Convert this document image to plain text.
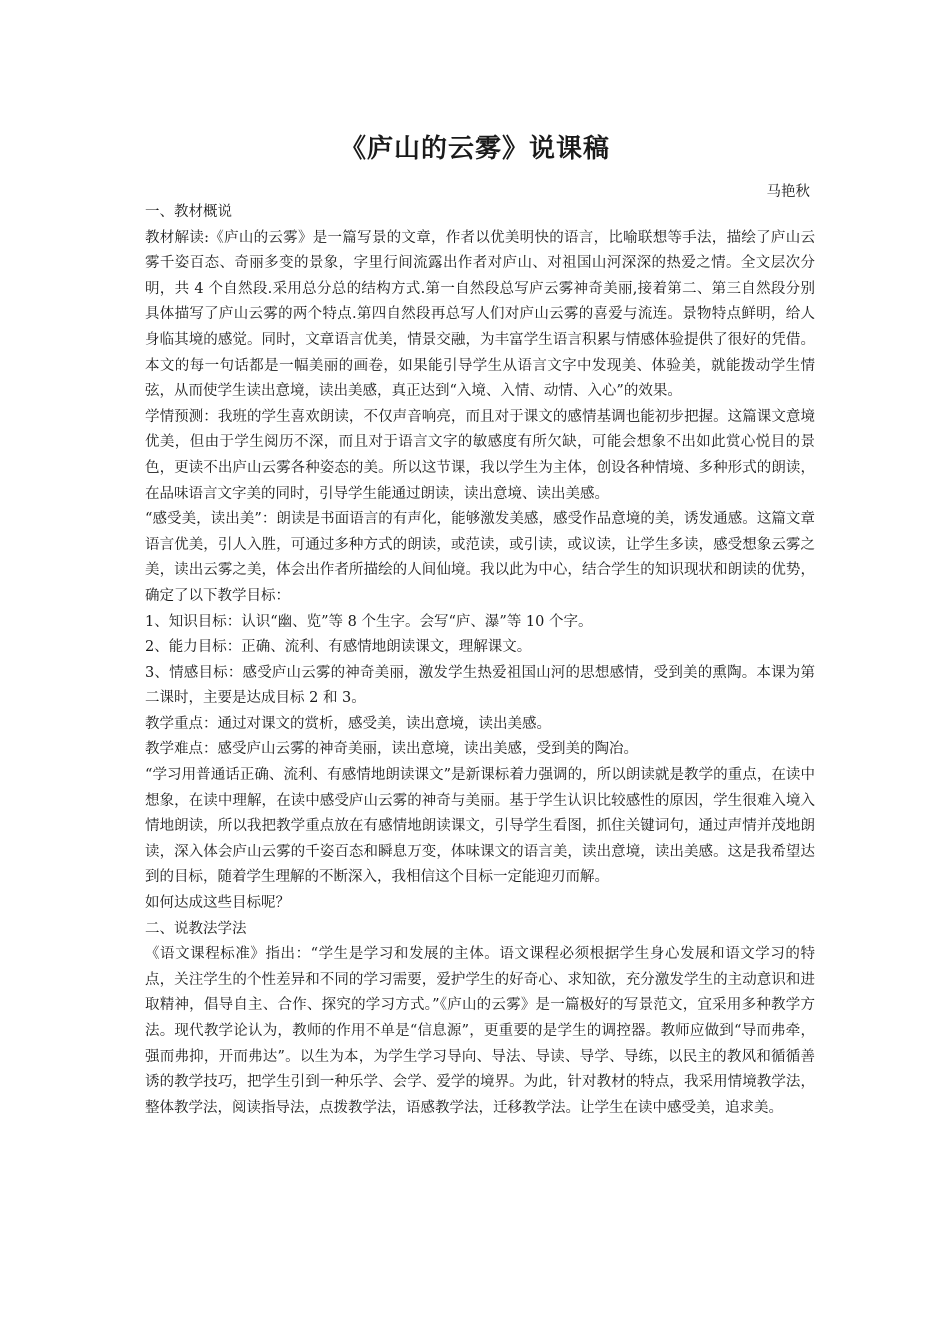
《庐山的云雾》说课稿
马艳秋

一、教材概说

教材解读:《庐山的云雾》是一篇写景的文章，作者以优美明快的语言，比喻联想等手法，描绘了庐山云雾千姿百态、奇丽多变的景象，字里行间流露出作者对庐山、对祖国山河深深的热爱之情。全文层次分明，共 4 个自然段.采用总分总的结构方式.第一自然段总写庐云雾神奇美丽,接着第二、第三自然段分别具体描写了庐山云雾的两个特点.第四自然段再总写人们对庐山云雾的喜爱与流连。景物特点鲜明，给人身临其境的感觉。同时，文章语言优美，情景交融，为丰富学生语言积累与情感体验提供了很好的凭借。本文的每一句话都是一幅美丽的画卷，如果能引导学生从语言文字中发现美、体验美，就能拨动学生情弦，从而使学生读出意境，读出美感，真正达到“入境、入情、动情、入心”的效果。

学情预测：我班的学生喜欢朗读，不仅声音响亮，而且对于课文的感情基调也能初步把握。这篇课文意境优美，但由于学生阅历不深，而且对于语言文字的敏感度有所欠缺，可能会想象不出如此赏心悦目的景色，更读不出庐山云雾各种姿态的美。所以这节课，我以学生为主体，创设各种情境、多种形式的朗读，在品味语言文字美的同时，引导学生能通过朗读，读出意境、读出美感。

“感受美，读出美”：朗读是书面语言的有声化，能够激发美感，感受作品意境的美，诱发通感。这篇文章语言优美，引人入胜，可通过多种方式的朗读，或范读，或引读，或议读，让学生多读，感受想象云雾之美，读出云雾之美，体会出作者所描绘的人间仙境。我以此为中心，结合学生的知识现状和朗读的优势，确定了以下教学目标：

1、知识目标：认识“幽、览”等 8 个生字。会写“庐、瀑”等 10 个字。

2、能力目标：正确、流利、有感情地朗读课文，理解课文。

3、情感目标：感受庐山云雾的神奇美丽，激发学生热爱祖国山河的思想感情，受到美的熏陶。本课为第二课时，主要是达成目标 2 和 3。

教学重点：通过对课文的赏析，感受美，读出意境，读出美感。

教学难点：感受庐山云雾的神奇美丽，读出意境，读出美感，受到美的陶冶。

“学习用普通话正确、流利、有感情地朗读课文”是新课标着力强调的，所以朗读就是教学的重点，在读中想象，在读中理解，在读中感受庐山云雾的神奇与美丽。基于学生认识比较感性的原因，学生很难入境入情地朗读，所以我把教学重点放在有感情地朗读课文，引导学生看图，抓住关键词句，通过声情并茂地朗读，深入体会庐山云雾的千姿百态和瞬息万变，体味课文的语言美，读出意境，读出美感。这是我希望达到的目标，随着学生理解的不断深入，我相信这个目标一定能迎刃而解。

如何达成这些目标呢？

二、说教法学法

《语文课程标准》指出：“学生是学习和发展的主体。语文课程必须根据学生身心发展和语文学习的特点，关注学生的个性差异和不同的学习需要，爱护学生的好奇心、求知欲，充分激发学生的主动意识和进取精神，倡导自主、合作、探究的学习方式。”《庐山的云雾》是一篇极好的写景范文，宜采用多种教学方法。现代教学论认为，教师的作用不单是“信息源”，更重要的是学生的调控器。教师应做到“导而弗牵，强而弗抑，开而弗达”。以生为本，为学生学习导向、导法、导读、导学、导练，以民主的教风和循循善诱的教学技巧，把学生引到一种乐学、会学、爱学的境界。为此，针对教材的特点，我采用情境教学法，整体教学法，阅读指导法，点拨教学法，语感教学法，迁移教学法。让学生在读中感受美，追求美。
